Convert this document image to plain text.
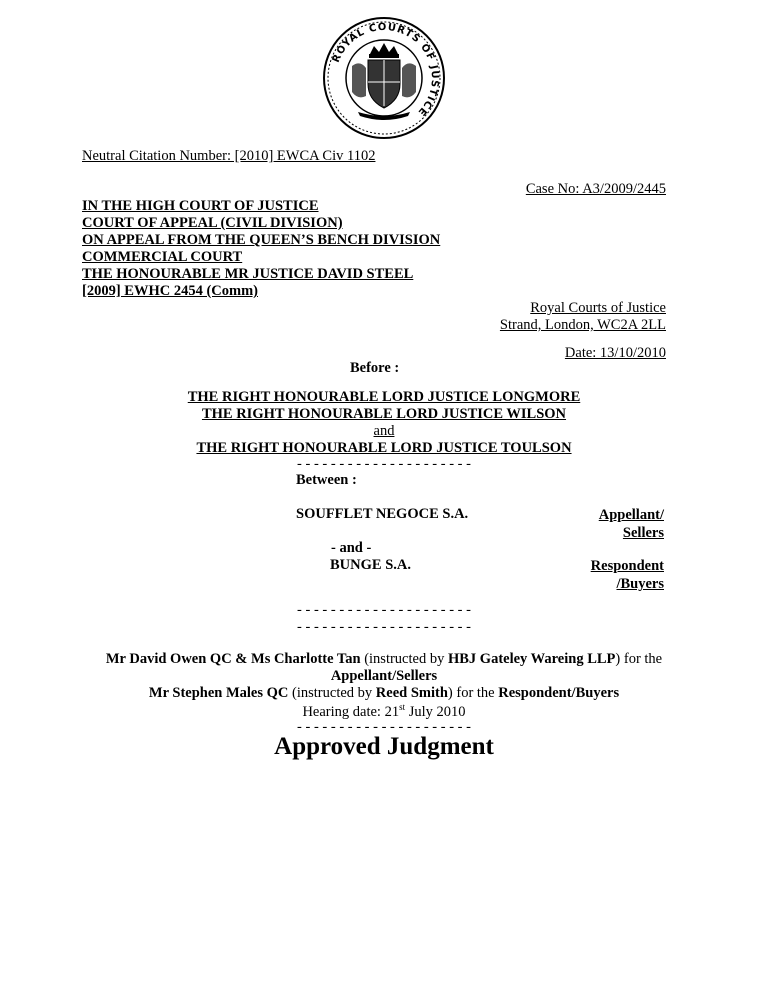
ROYAL COURTS OF JUSTICE
Neutral Citation Number: [2010] EWCA Civ 1102
Case No: A3/2009/2445
IN THE HIGH COURT OF JUSTICE
COURT OF APPEAL (CIVIL DIVISION)
ON APPEAL FROM THE QUEEN’S BENCH DIVISION
COMMERCIAL COURT
THE HONOURABLE MR JUSTICE DAVID STEEL
[2009] EWHC 2454 (Comm)
Royal Courts of Justice
Strand, London, WC2A 2LL
Date: 13/10/2010
Before :
THE RIGHT HONOURABLE LORD JUSTICE LONGMORE
THE RIGHT HONOURABLE LORD JUSTICE WILSON
and
THE RIGHT HONOURABLE LORD JUSTICE TOULSON
- - - - - - - - - - - - - - - - - - - - -
Between :
SOUFFLET NEGOCE S.A.	Appellant/
Sellers
- and -
BUNGE S.A.	Respondent
/Buyers
- - - - - - - - - - - - - - - - - - - - -
- - - - - - - - - - - - - - - - - - - - -
Mr David Owen QC & Ms Charlotte Tan (instructed by HBJ Gateley Wareing LLP) for the
Appellant/Sellers
Mr Stephen Males QC (instructed by Reed Smith) for the Respondent/Buyers
Hearing date: 21st July 2010
- - - - - - - - - - - - - - - - - - - - -
Approved Judgment
